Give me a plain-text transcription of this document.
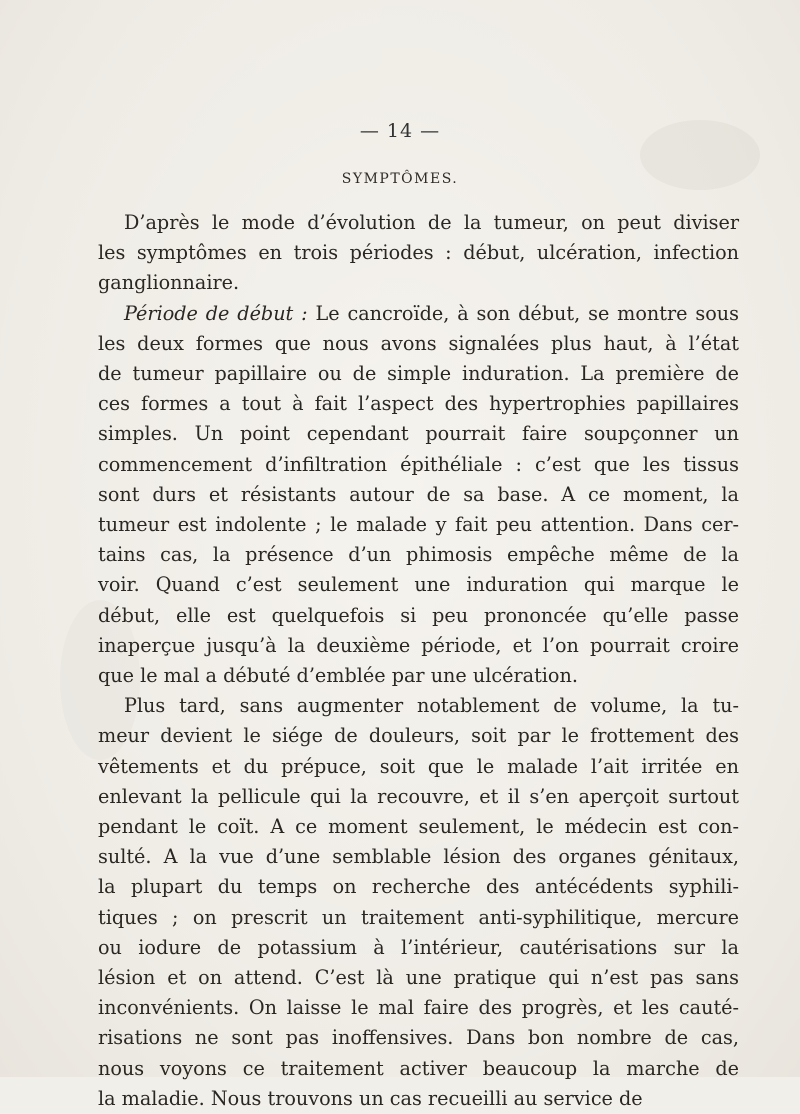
— 14 —
SYMPTÔMES.
D’après le mode d’évolution de la tumeur, on peut diviser
les symptômes en trois périodes : début, ulcération, infection
ganglionnaire.
Période de début : Le cancroïde, à son début, se montre sous
les deux formes que nous avons signalées plus haut, à l’état
de tumeur papillaire ou de simple induration. La première de
ces formes a tout à fait l’aspect des hypertrophies papillaires
simples. Un point cependant pourrait faire soupçonner un
commencement d’infiltration épithéliale : c’est que les tissus
sont durs et résistants autour de sa base. A ce moment, la
tumeur est indolente ; le malade y fait peu attention. Dans cer-
tains cas, la présence d’un phimosis empêche même de la
voir. Quand c’est seulement une induration qui marque le
début, elle est quelquefois si peu prononcée qu’elle passe
inaperçue jusqu’à la deuxième période, et l’on pourrait croire
que le mal a débuté d’emblée par une ulcération.
Plus tard, sans augmenter notablement de volume, la tu-
meur devient le siége de douleurs, soit par le frottement des
vêtements et du prépuce, soit que le malade l’ait irritée en
enlevant la pellicule qui la recouvre, et il s’en aperçoit surtout
pendant le coït. A ce moment seulement, le médecin est con-
sulté. A la vue d’une semblable lésion des organes génitaux,
la plupart du temps on recherche des antécédents syphili-
tiques ; on prescrit un traitement anti-syphilitique, mercure
ou iodure de potassium à l’intérieur, cautérisations sur la
lésion et on attend. C’est là une pratique qui n’est pas sans
inconvénients. On laisse le mal faire des progrès, et les cauté-
risations ne sont pas inoffensives. Dans bon nombre de cas,
nous voyons ce traitement activer beaucoup la marche de
la maladie. Nous trouvons un cas recueilli au service de
